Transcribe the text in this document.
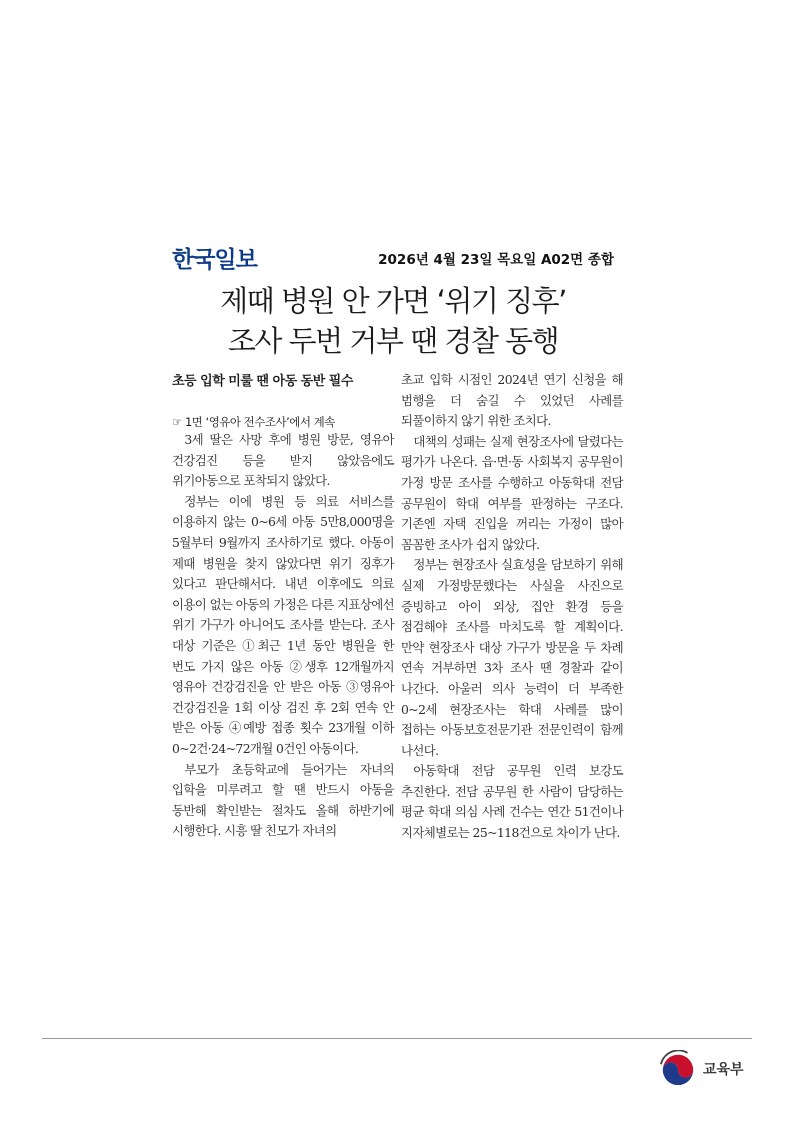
한국일보	2026년 4월 23일 목요일 A02면 종합
제때 병원 안 가면 ‘위기 징후’
조사 두번 거부 땐 경찰 동행
초등 입학 미룰 땐 아동 동반 필수
☞ 1면 ‘영유아 전수조사’에서 계속

3세 딸은 사망 후에 병원 방문, 영유아 건강검진 등을 받지 않았음에도 위기아동으로 포착되지 않았다.

정부는 이에 병원 등 의료 서비스를 이용하지 않는 0~6세 아동 5만8,000명을 5월부터 9월까지 조사하기로 했다. 아동이 제때 병원을 찾지 않았다면 위기 징후가 있다고 판단해서다. 내년 이후에도 의료 이용이 없는 아동의 가정은 다른 지표상에선 위기 가구가 아니어도 조사를 받는다. 조사 대상 기준은 ①최근 1년 동안 병원을 한 번도 가지 않은 아동 ②생후 12개월까지 영유아 건강검진을 안 받은 아동 ③영유아 건강검진을 1회 이상 검진 후 2회 연속 안 받은 아동 ④예방 접종 횟수 23개월 이하 0~2건·24~72개월 0건인 아동이다.

부모가 초등학교에 들어가는 자녀의 입학을 미루려고 할 땐 반드시 아동을 동반해 확인받는 절차도 올해 하반기에 시행한다. 시흥 딸 친모가 자녀의

초교 입학 시점인 2024년 연기 신청을 해 범행을 더 숨길 수 있었던 사례를 되풀이하지 않기 위한 조치다.

대책의 성패는 실제 현장조사에 달렸다는 평가가 나온다. 읍·면·동 사회복지 공무원이 가정 방문 조사를 수행하고 아동학대 전담 공무원이 학대 여부를 판정하는 구조다. 기존엔 자택 진입을 꺼리는 가정이 많아 꼼꼼한 조사가 쉽지 않았다.

정부는 현장조사 실효성을 담보하기 위해 실제 가정방문했다는 사실을 사진으로 증빙하고 아이 외상, 집안 환경 등을 점검해야 조사를 마치도록 할 계획이다. 만약 현장조사 대상 가구가 방문을 두 차례 연속 거부하면 3차 조사 땐 경찰과 같이 나간다. 아울러 의사 능력이 더 부족한 0~2세 현장조사는 학대 사례를 많이 접하는 아동보호전문기관 전문인력이 함께 나선다.

아동학대 전담 공무원 인력 보강도 추진한다. 전담 공무원 한 사람이 담당하는 평균 학대 의심 사례 건수는 연간 51건이나 지자체별로는 25~118건으로 차이가 난다.

교육부
